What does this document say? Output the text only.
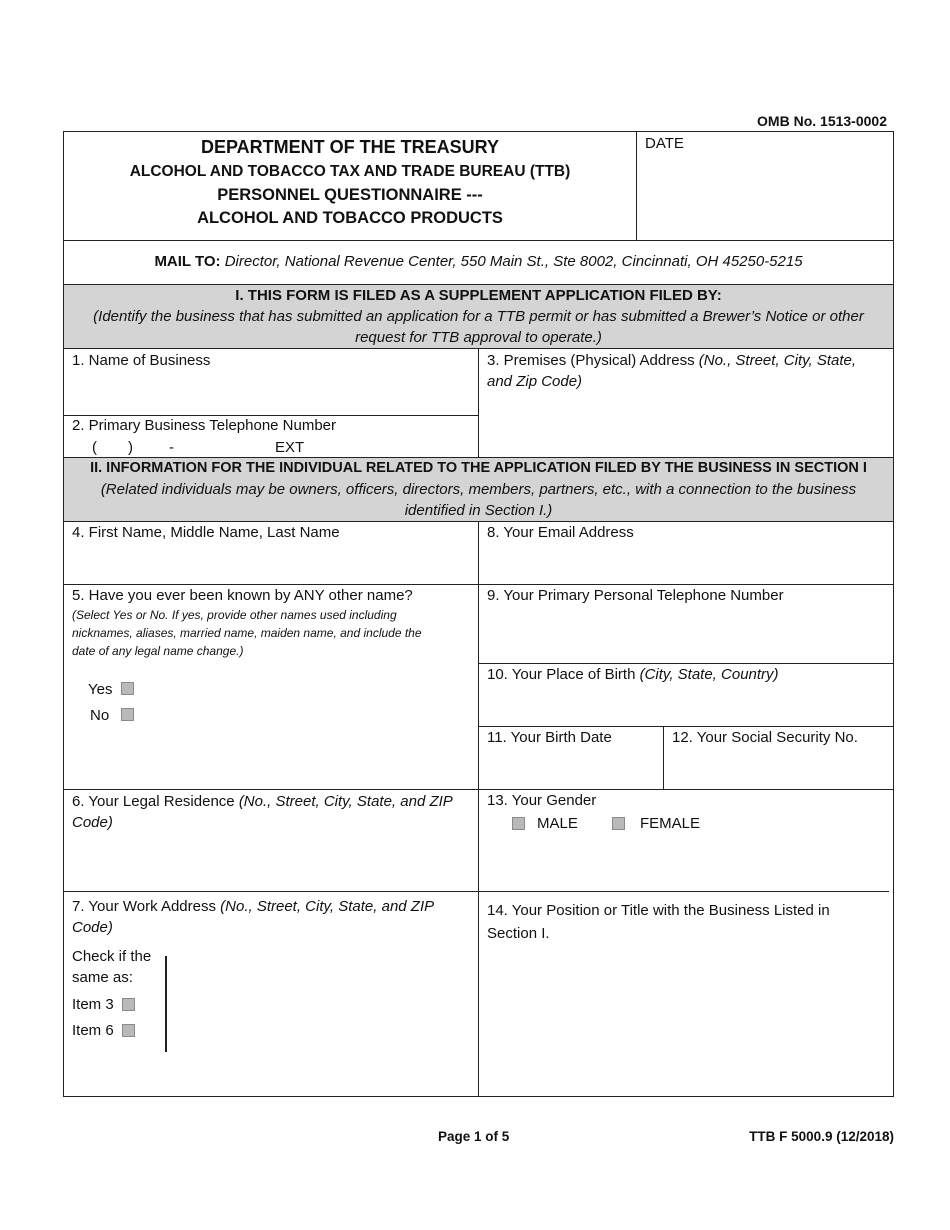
OMB No. 1513-0002
DEPARTMENT OF THE TREASURY
ALCOHOL AND TOBACCO TAX AND TRADE BUREAU (TTB)
PERSONNEL QUESTIONNAIRE ---
ALCOHOL AND TOBACCO PRODUCTS
DATE
MAIL TO: Director, National Revenue Center, 550 Main St., Ste 8002, Cincinnati, OH 45250-5215
I. THIS FORM IS FILED AS A SUPPLEMENT APPLICATION FILED BY:
(Identify the business that has submitted an application for a TTB permit or has submitted a Brewer’s Notice or other
request for TTB approval to operate.)
1. Name of Business
2. Primary Business Telephone Number
( ) -	EXT
3. Premises (Physical) Address (No., Street, City, State,
and Zip Code)
II. INFORMATION FOR THE INDIVIDUAL RELATED TO THE APPLICATION FILED BY THE BUSINESS IN SECTION I
(Related individuals may be owners, officers, directors, members, partners, etc., with a connection to the business
identified in Section I.)
4. First Name, Middle Name, Last Name
5. Have you ever been known by ANY other name?
(Select Yes or No. If yes, provide other names used including
nicknames, aliases, married name, maiden name, and include the
date of any legal name change.)
Yes
No
6. Your Legal Residence (No., Street, City, State, and ZIP
Code)
7. Your Work Address (No., Street, City, State, and ZIP
Code)
Check if the
same as:
Item 3
Item 6
8. Your Email Address
9. Your Primary Personal Telephone Number
10. Your Place of Birth (City, State, Country)
11. Your Birth Date	12. Your Social Security No.
13. Your Gender
MALE	FEMALE
14. Your Position or Title with the Business Listed in
Section I.
Page 1 of 5	TTB F 5000.9 (12/2018)
